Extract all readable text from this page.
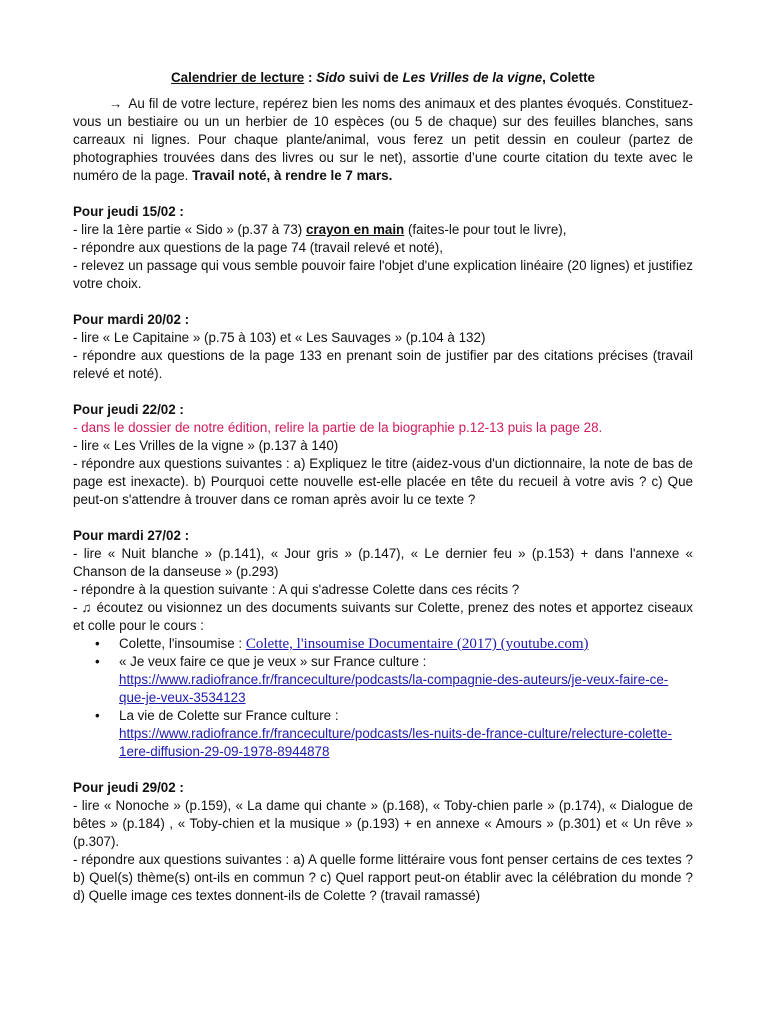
Calendrier de lecture : Sido suivi de Les Vrilles de la vigne, Colette

→ Au fil de votre lecture, repérez bien les noms des animaux et des plantes évoqués. Constituez-vous un bestiaire ou un un herbier de 10 espèces (ou 5 de chaque) sur des feuilles blanches, sans carreaux ni lignes. Pour chaque plante/animal, vous ferez un petit dessin en couleur (partez de photographies trouvées dans des livres ou sur le net), assortie d’une courte citation du texte avec le numéro de la page. Travail noté, à rendre le 7 mars.

Pour jeudi 15/02 :

- lire la 1ère partie « Sido » (p.37 à 73) crayon en main (faites-le pour tout le livre),

- répondre aux questions de la page 74 (travail relevé et noté),

- relevez un passage qui vous semble pouvoir faire l'objet d'une explication linéaire (20 lignes) et justifiez votre choix.

Pour mardi 20/02 :

- lire « Le Capitaine » (p.75 à 103) et « Les Sauvages » (p.104 à 132)

- répondre aux questions de la page 133 en prenant soin de justifier par des citations précises (travail relevé et noté).

Pour jeudi 22/02 :

- dans le dossier de notre édition, relire la partie de la biographie p.12-13 puis la page 28.

- lire « Les Vrilles de la vigne » (p.137 à 140)

- répondre aux questions suivantes : a) Expliquez le titre (aidez-vous d'un dictionnaire, la note de bas de page est inexacte). b) Pourquoi cette nouvelle est-elle placée en tête du recueil à votre avis ? c) Que peut-on s'attendre à trouver dans ce roman après avoir lu ce texte ?

Pour mardi 27/02 :

- lire « Nuit blanche » (p.141), « Jour gris » (p.147), « Le dernier feu » (p.153) + dans l'annexe « Chanson de la danseuse » (p.293)

- répondre à la question suivante : A qui s'adresse Colette dans ces récits ?

- ♫ écoutez ou visionnez un des documents suivants sur Colette, prenez des notes et apportez ciseaux et colle pour le cours :

• Colette, l'insoumise : Colette, l'insoumise Documentaire (2017) (youtube.com)
• « Je veux faire ce que je veux » sur France culture :
https://www.radiofrance.fr/franceculture/podcasts/la-compagnie-des-auteurs/je-veux-faire-ce-que-je-veux-3534123
• La vie de Colette sur France culture :
https://www.radiofrance.fr/franceculture/podcasts/les-nuits-de-france-culture/relecture-colette-1ere-diffusion-29-09-1978-8944878

Pour jeudi 29/02 :

- lire « Nonoche » (p.159), « La dame qui chante » (p.168), « Toby-chien parle » (p.174), « Dialogue de bêtes » (p.184) , « Toby-chien et la musique » (p.193) + en annexe « Amours » (p.301) et « Un rêve » (p.307).

- répondre aux questions suivantes : a) A quelle forme littéraire vous font penser certains de ces textes ? b) Quel(s) thème(s) ont-ils en commun ? c) Quel rapport peut-on établir avec la célébration du monde ? d) Quelle image ces textes donnent-ils de Colette ? (travail ramassé)
